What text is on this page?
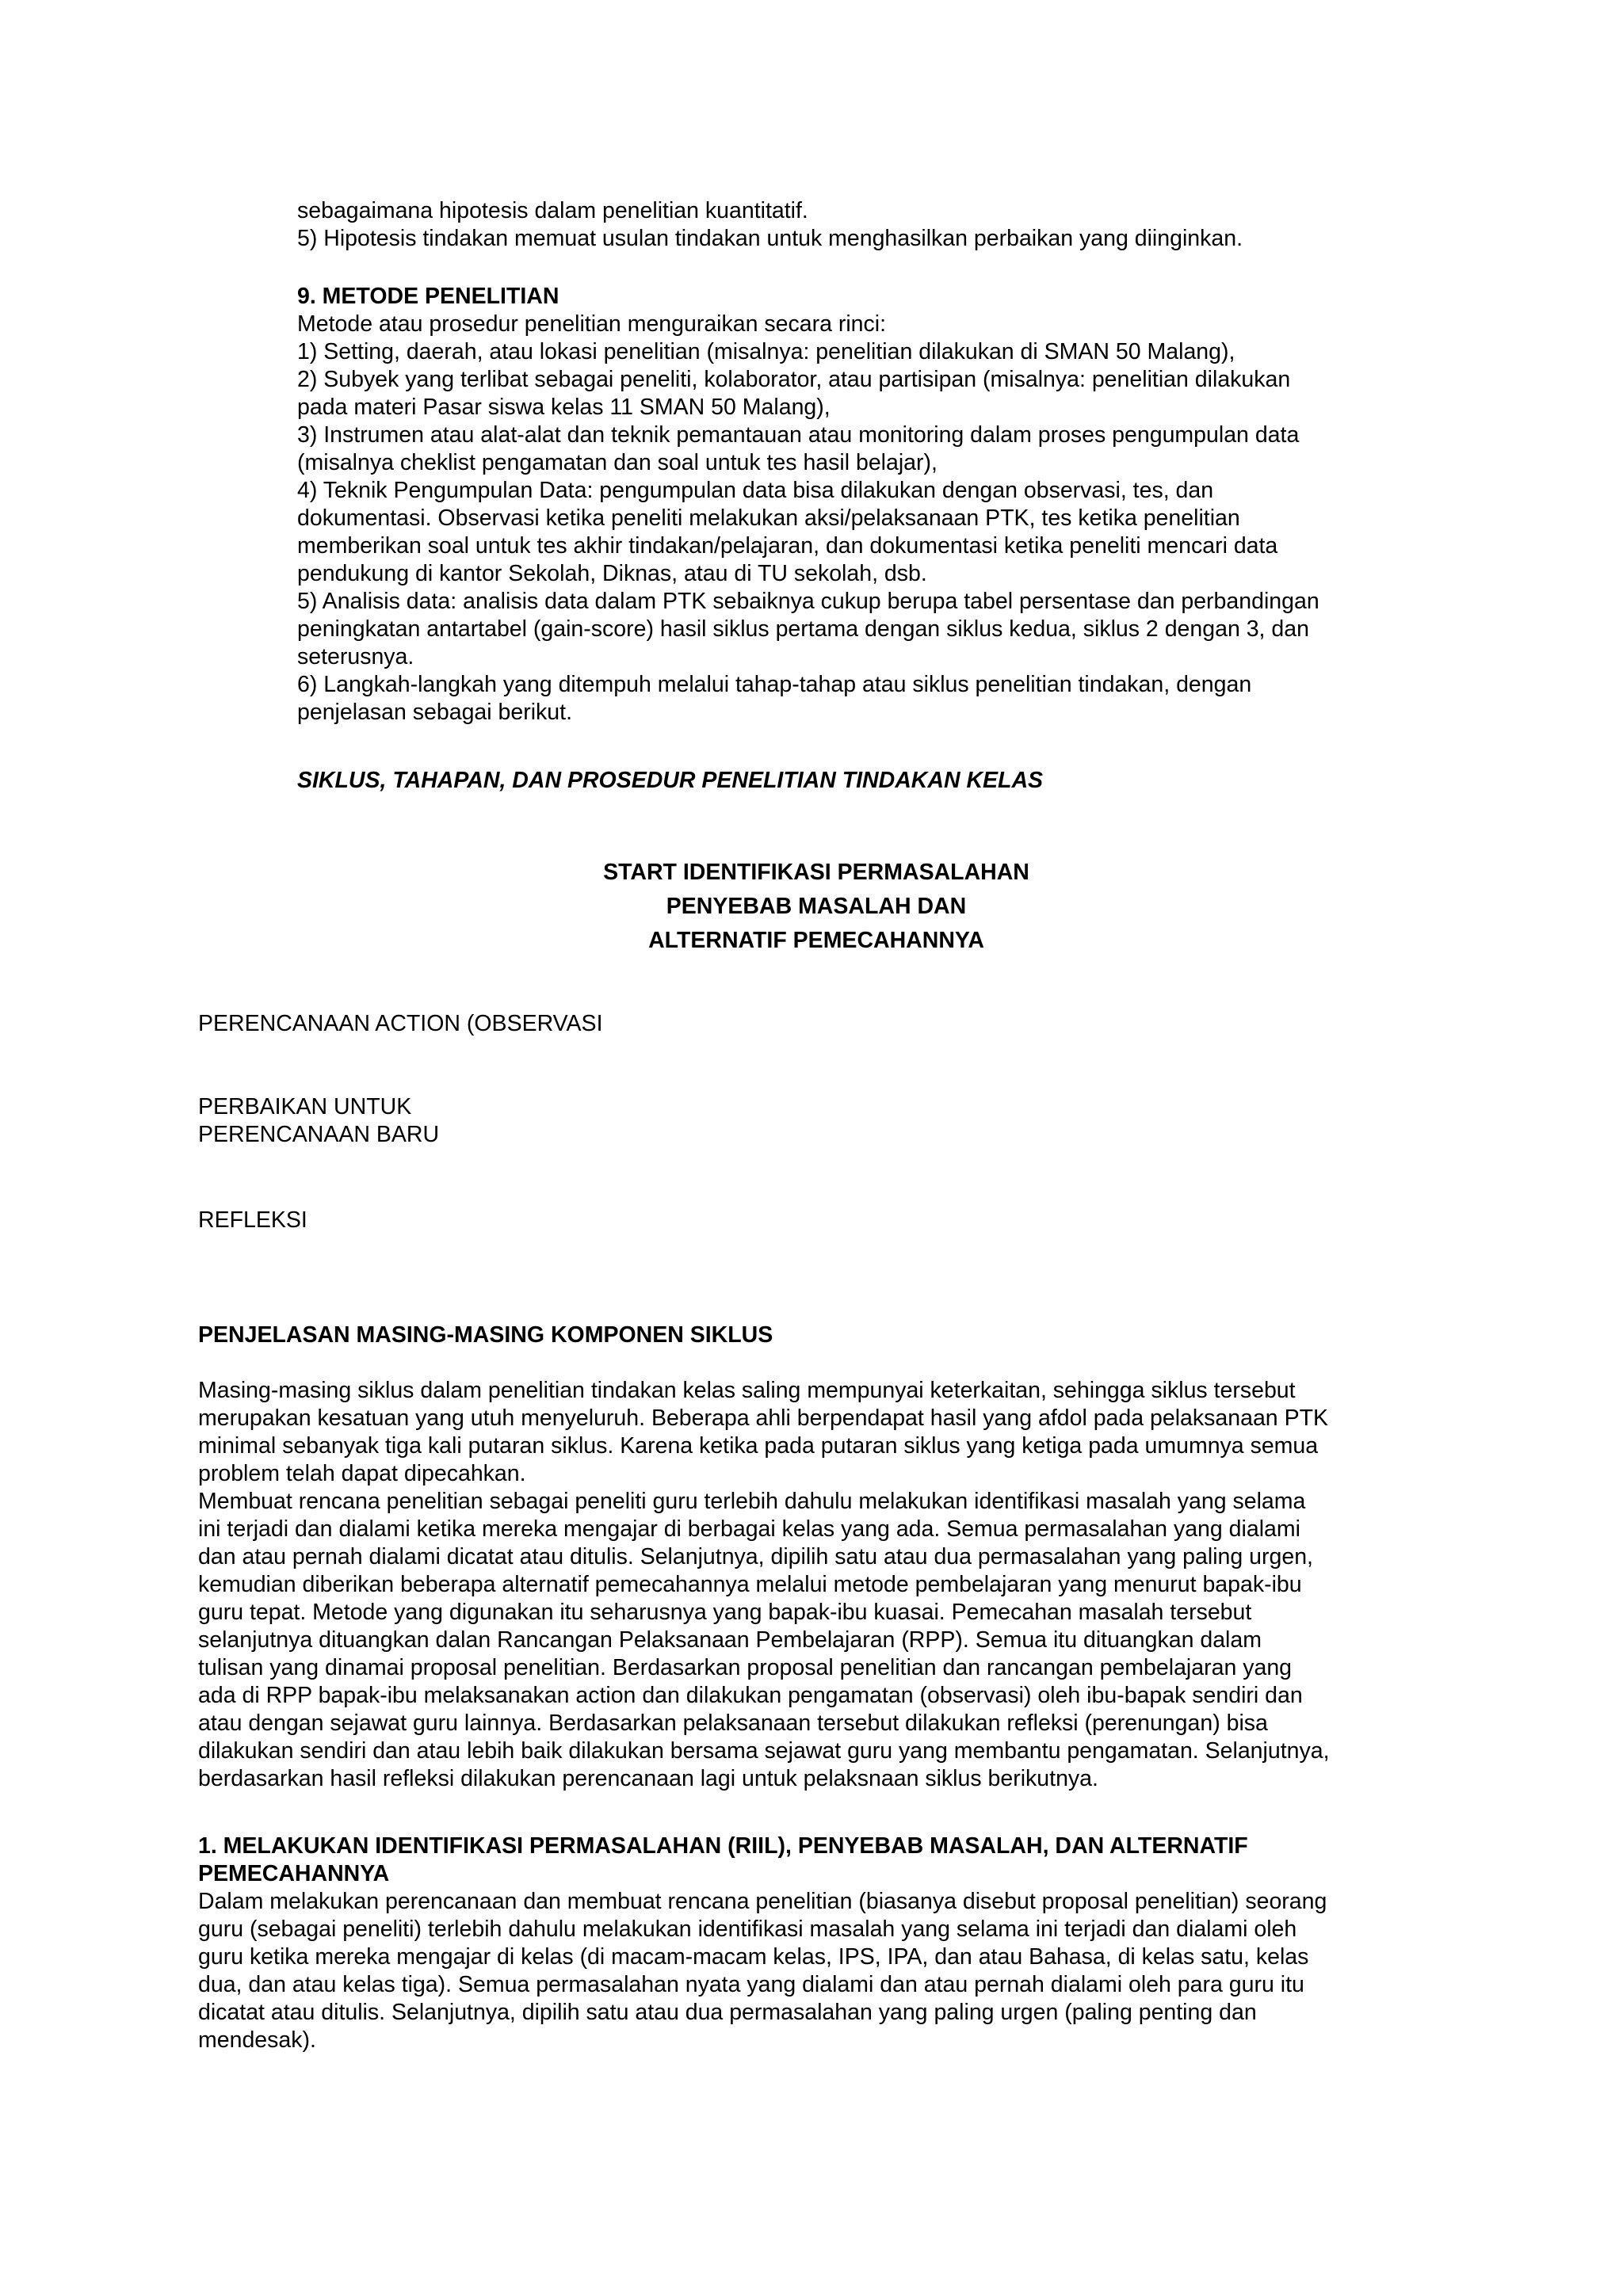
sebagaimana hipotesis dalam penelitian kuantitatif.
5) Hipotesis tindakan memuat usulan tindakan untuk menghasilkan perbaikan yang diinginkan.
9. METODE PENELITIAN
Metode atau prosedur penelitian menguraikan secara rinci:
1) Setting, daerah, atau lokasi penelitian (misalnya: penelitian dilakukan di SMAN 50 Malang),
2) Subyek yang terlibat sebagai peneliti, kolaborator, atau partisipan (misalnya: penelitian dilakukan
pada materi Pasar siswa kelas 11 SMAN 50 Malang),
3) Instrumen atau alat-alat dan teknik pemantauan atau monitoring dalam proses pengumpulan data
(misalnya cheklist pengamatan dan soal untuk tes hasil belajar),
4) Teknik Pengumpulan Data: pengumpulan data bisa dilakukan dengan observasi, tes, dan
dokumentasi. Observasi ketika peneliti melakukan aksi/pelaksanaan PTK, tes ketika penelitian
memberikan soal untuk tes akhir tindakan/pelajaran, dan dokumentasi ketika peneliti mencari data
pendukung di kantor Sekolah, Diknas, atau di TU sekolah, dsb.
5) Analisis data: analisis data dalam PTK sebaiknya cukup berupa tabel persentase dan perbandingan
peningkatan antartabel (gain-score) hasil siklus pertama dengan siklus kedua, siklus 2 dengan 3, dan
seterusnya.
6) Langkah-langkah yang ditempuh melalui tahap-tahap atau siklus penelitian tindakan, dengan
penjelasan sebagai berikut.
SIKLUS, TAHAPAN, DAN PROSEDUR PENELITIAN TINDAKAN KELAS
START IDENTIFIKASI PERMASALAHAN
PENYEBAB MASALAH DAN
ALTERNATIF PEMECAHANNYA
PERENCANAAN ACTION (OBSERVASI
PERBAIKAN UNTUK
PERENCANAAN BARU
REFLEKSI
PENJELASAN MASING-MASING KOMPONEN SIKLUS
Masing-masing siklus dalam penelitian tindakan kelas saling mempunyai keterkaitan, sehingga siklus tersebut
merupakan kesatuan yang utuh menyeluruh. Beberapa ahli berpendapat hasil yang afdol pada pelaksanaan PTK
minimal sebanyak tiga kali putaran siklus. Karena ketika pada putaran siklus yang ketiga pada umumnya semua
problem telah dapat dipecahkan.
Membuat rencana penelitian sebagai peneliti guru terlebih dahulu melakukan identifikasi masalah yang selama
ini terjadi dan dialami ketika mereka mengajar di berbagai kelas yang ada. Semua permasalahan yang dialami
dan atau pernah dialami dicatat atau ditulis. Selanjutnya, dipilih satu atau dua permasalahan yang paling urgen,
kemudian diberikan beberapa alternatif pemecahannya melalui metode pembelajaran yang menurut bapak-ibu
guru tepat. Metode yang digunakan itu seharusnya yang bapak-ibu kuasai. Pemecahan masalah tersebut
selanjutnya dituangkan dalan Rancangan Pelaksanaan Pembelajaran (RPP). Semua itu dituangkan dalam
tulisan yang dinamai proposal penelitian. Berdasarkan proposal penelitian dan rancangan pembelajaran yang
ada di RPP bapak-ibu melaksanakan action dan dilakukan pengamatan (observasi) oleh ibu-bapak sendiri dan
atau dengan sejawat guru lainnya. Berdasarkan pelaksanaan tersebut dilakukan refleksi (perenungan) bisa
dilakukan sendiri dan atau lebih baik dilakukan bersama sejawat guru yang membantu pengamatan. Selanjutnya,
berdasarkan hasil refleksi dilakukan perencanaan lagi untuk pelaksnaan siklus berikutnya.
1. MELAKUKAN IDENTIFIKASI PERMASALAHAN (RIIL), PENYEBAB MASALAH, DAN ALTERNATIF
PEMECAHANNYA
Dalam melakukan perencanaan dan membuat rencana penelitian (biasanya disebut proposal penelitian) seorang
guru (sebagai peneliti) terlebih dahulu melakukan identifikasi masalah yang selama ini terjadi dan dialami oleh
guru ketika mereka mengajar di kelas (di macam-macam kelas, IPS, IPA, dan atau Bahasa, di kelas satu, kelas
dua, dan atau kelas tiga). Semua permasalahan nyata yang dialami dan atau pernah dialami oleh para guru itu
dicatat atau ditulis. Selanjutnya, dipilih satu atau dua permasalahan yang paling urgen (paling penting dan
mendesak).
